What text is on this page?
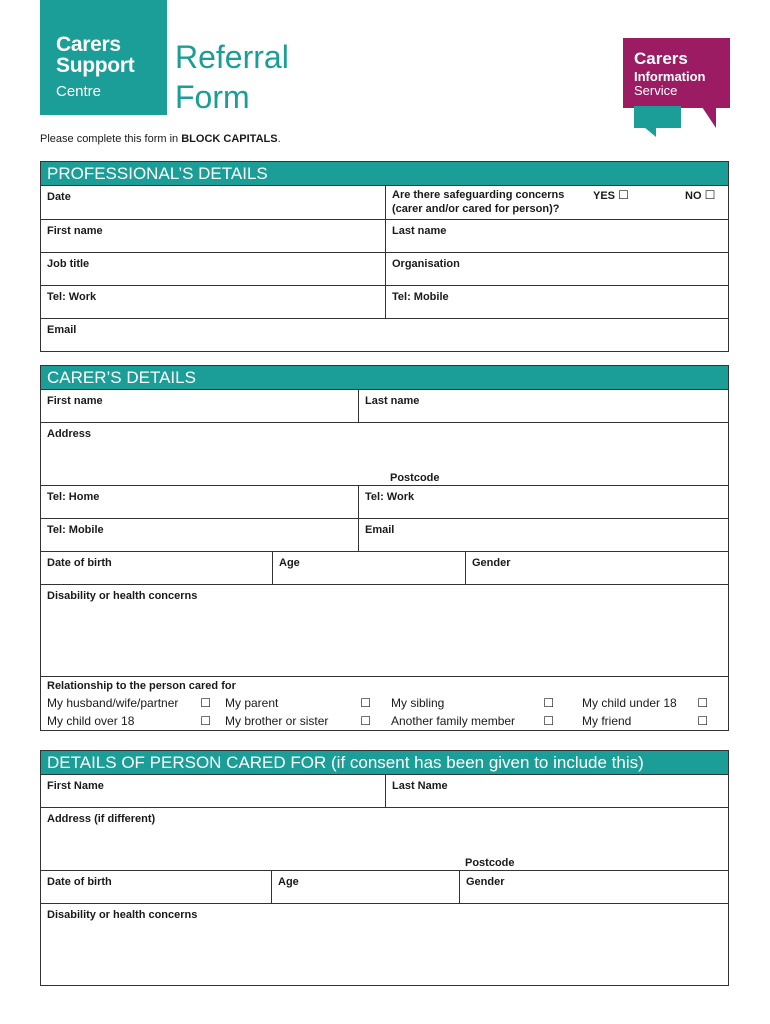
Carers
Support
Centre
Referral
Form
Carers
Information
Service
Please complete this form in BLOCK CAPITALS.
PROFESSIONAL’S DETAILS
Date	Are there safeguarding concerns
(carer and/or cared for person)?
YES ☐	NO ☐
First name	Last name
Job title	Organisation
Tel: Work	Tel: Mobile
Email
CARER’S DETAILS
First name	Last name
Address
Postcode
Tel: Home	Tel: Work
Tel: Mobile	Email
Date of birth	Age	Gender
Disability or health concerns
Relationship to the person cared for
My husband/wife/partner ☐ My parent	☐ My sibling	☐ My child under 18 ☐
My child over 18	☐ My brother or sister	☐ Another family member ☐ My friend	☐
DETAILS OF PERSON CARED FOR (if consent has been given to include this)
First Name	Last Name
Address (if different)
Postcode
Date of birth	Age	Gender
Disability or health concerns
